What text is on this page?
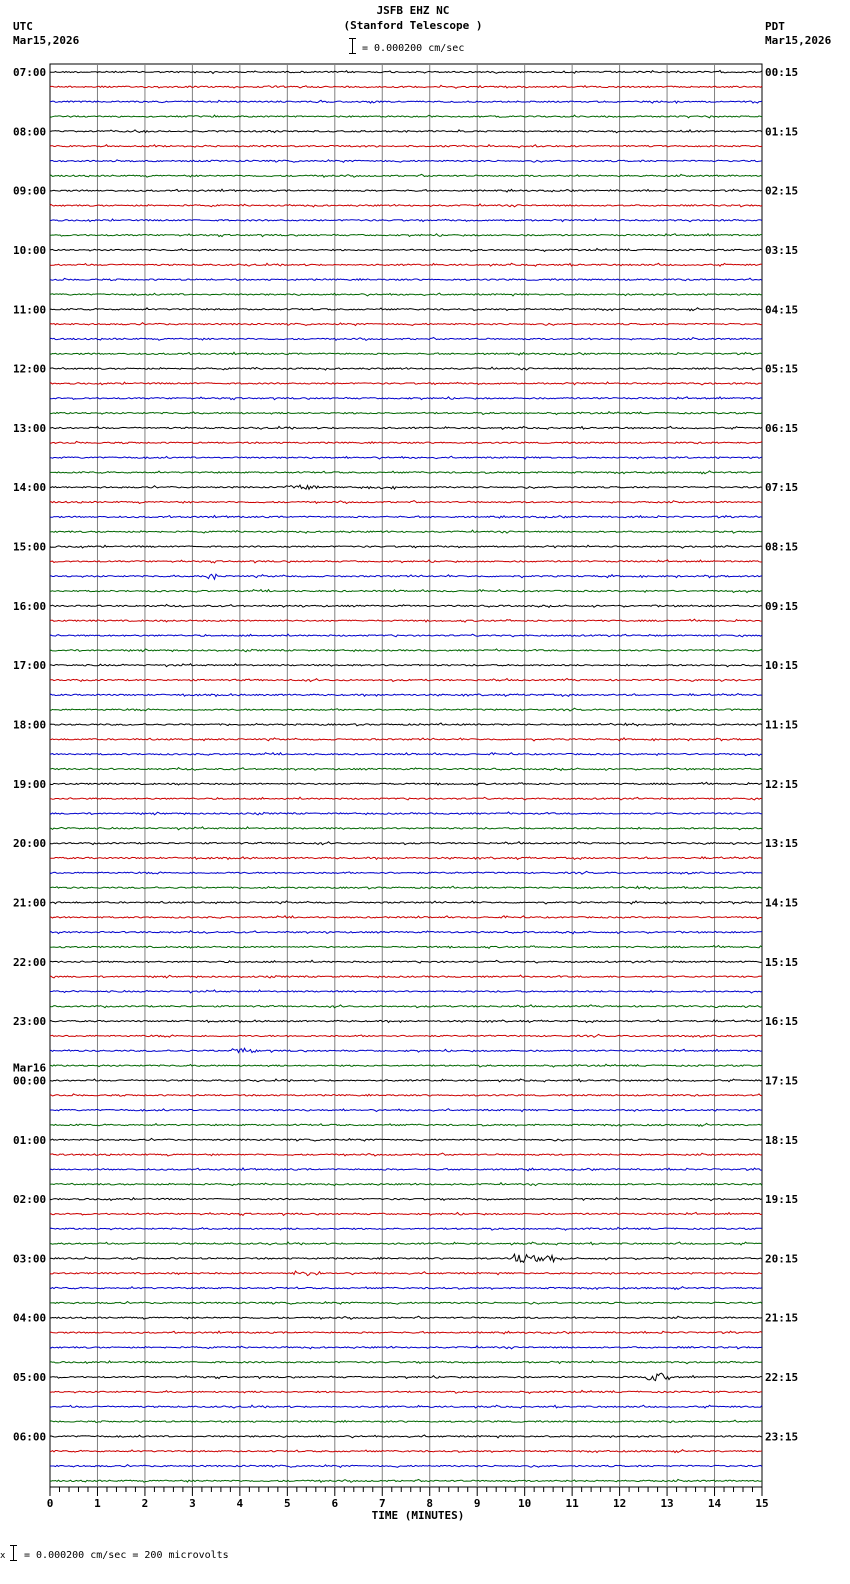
JSFB EHZ NC
(Stanford Telescope )
= 0.000200 cm/sec
UTC
Mar15,2026
PDT
Mar15,2026
0	1	2	3	4	5	6	7	8	9	10	11	12	13	14	15
07:00
08:00
09:00
10:00
11:00
12:00
13:00
14:00
15:00
16:00
17:00
18:00
19:00
20:00
21:00
22:00
23:00
Mar16
00:00
01:00
02:00
03:00
04:00
05:00
06:00
00:15
01:15
02:15
03:15
04:15
05:15
06:15
07:15
08:15
09:15
10:15
11:15
12:15
13:15
14:15
15:15
16:15
17:15
18:15
19:15
20:15
21:15
22:15
23:15
TIME (MINUTES)
x = 0.000200 cm/sec = 200 microvolts
